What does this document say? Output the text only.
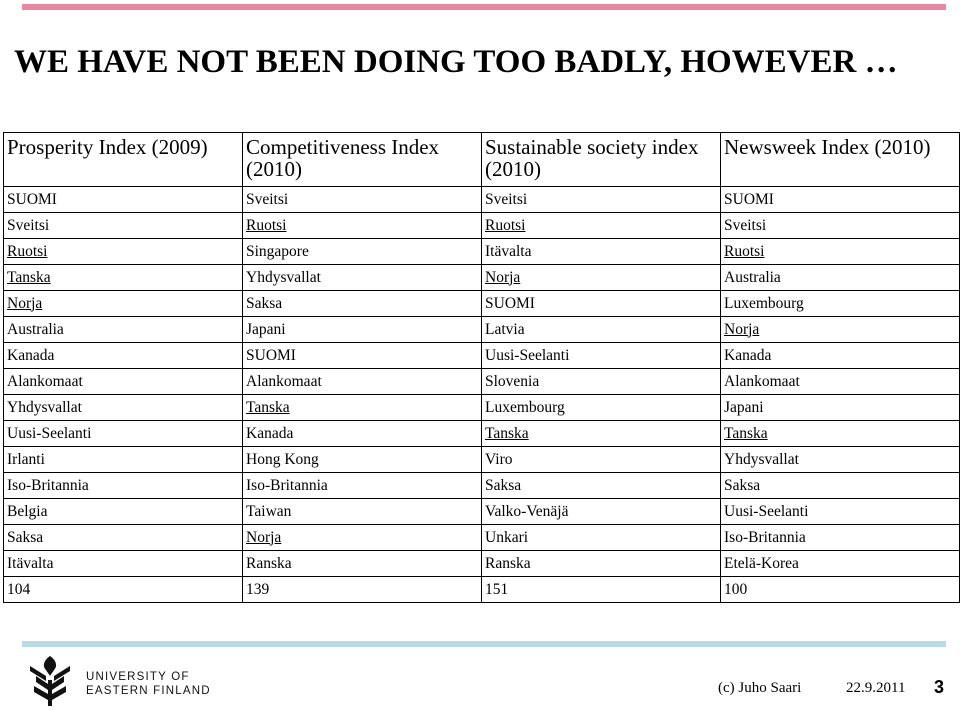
WE HAVE NOT BEEN DOING TOO BADLY, HOWEVER …
Prosperity Index (2009)	Competitiveness Index (2010)	Sustainable society index (2010)	Newsweek Index (2010)
SUOMI	Sveitsi	Sveitsi	SUOMI
Sveitsi	Ruotsi	Ruotsi	Sveitsi
Ruotsi	Singapore	Itävalta	Ruotsi
Tanska	Yhdysvallat	Norja	Australia
Norja	Saksa	SUOMI	Luxembourg
Australia	Japani	Latvia	Norja
Kanada	SUOMI	Uusi-Seelanti	Kanada
Alankomaat	Alankomaat	Slovenia	Alankomaat
Yhdysvallat	Tanska	Luxembourg	Japani
Uusi-Seelanti	Kanada	Tanska	Tanska
Irlanti	Hong Kong	Viro	Yhdysvallat
Iso-Britannia	Iso-Britannia	Saksa	Saksa
Belgia	Taiwan	Valko-Venäjä	Uusi-Seelanti
Saksa	Norja	Unkari	Iso-Britannia
Itävalta	Ranska	Ranska	Etelä-Korea
104	139	151	100
UNIVERSITY OF
EASTERN FINLAND	(c) Juho Saari	22.9.2011 3
